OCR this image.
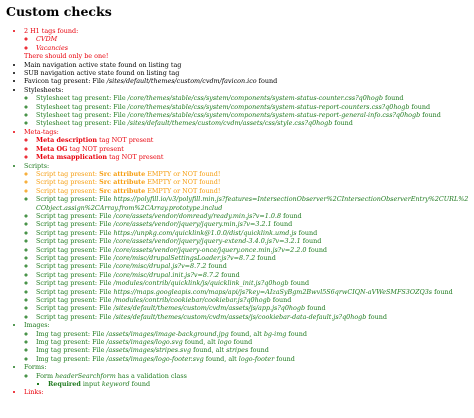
Custom checks
• 2 H1 tags found:
◦ CVDM
◦ Vacancies
There should only be one!
• Main navigation active state found on listing tag
• SUB navigation active state found on listing tag
• Favicon tag present: File /sites/default/themes/custom/cvdm/favicon.ico found
• Stylesheets:
◦ Stylesheet tag present: File /core/themes/stable/css/system/components/system-status-counter.css?q0hogb found
◦ Stylesheet tag present: File /core/themes/stable/css/system/components/system-status-report-counters.css?q0hogb found
◦ Stylesheet tag present: File /core/themes/stable/css/system/components/system-status-report-general-info.css?q0hogb found
◦ Stylesheet tag present: File /sites/default/themes/custom/cvdm/assets/css/style.css?q0hogb found
• Meta-tags:
◦ Meta description tag NOT present
◦ Meta OG tag NOT present
◦ Meta msapplication tag NOT present
• Scripts:
◦ Script tag present: Src attribute EMPTY or NOT found!
◦ Script tag present: Src attribute EMPTY or NOT found!
◦ Script tag present: Src attribute EMPTY or NOT found!
◦ Script tag present: File https://polyfill.io/v3/polyfill.min.js?features=IntersectionObserver%2CIntersectionObserverEntry%2CURL%2CObject.assign%2CArray.from%2CArray.prototype.includ
◦ Script tag present: File /core/assets/vendor/domready/ready.min.js?v=1.0.8 found
◦ Script tag present: File /core/assets/vendor/jquery/jquery.min.js?v=3.2.1 found
◦ Script tag present: File https://unpkg.com/quicklink@1.0.0/dist/quicklink.umd.js found
◦ Script tag present: File /core/assets/vendor/jquery/jquery-extend-3.4.0.js?v=3.2.1 found
◦ Script tag present: File /core/assets/vendor/jquery-once/jquery.once.min.js?v=2.2.0 found
◦ Script tag present: File /core/misc/drupalSettingsLoader.js?v=8.7.2 found
◦ Script tag present: File /core/misc/drupal.js?v=8.7.2 found
◦ Script tag present: File /core/misc/drupal.init.js?v=8.7.2 found
◦ Script tag present: File /modules/contrib/quicklink/js/quicklink_init.js?q0hogb found
◦ Script tag present: File https://maps.googleapis.com/maps/api/js?key=AIzaSyBgm2Bwvl5S6qrwCIQN-aVWeSMFS3OZQ3s found
◦ Script tag present: File /modules/contrib/cookiebar/cookiebar.js?q0hogb found
◦ Script tag present: File /sites/default/themes/custom/cvdm/assets/js/app.js?q0hogb found
◦ Script tag present: File /sites/default/themes/custom/cvdm/assets/js/cookiebar-data-default.js?q0hogb found
• Images:
◦ Img tag present: File /assets/images/image-background.jpg found, alt bg-img found
◦ Img tag present: File /assets/images/logo.svg found, alt logo found
◦ Img tag present: File /assets/images/stripes.svg found, alt stripes found
◦ Img tag present: File /assets/images/logo-footer.svg found, alt logo-footer found
• Forms:
◦ Form headerSearchform has a validation class
▪ Required input keyword found
• Links:
